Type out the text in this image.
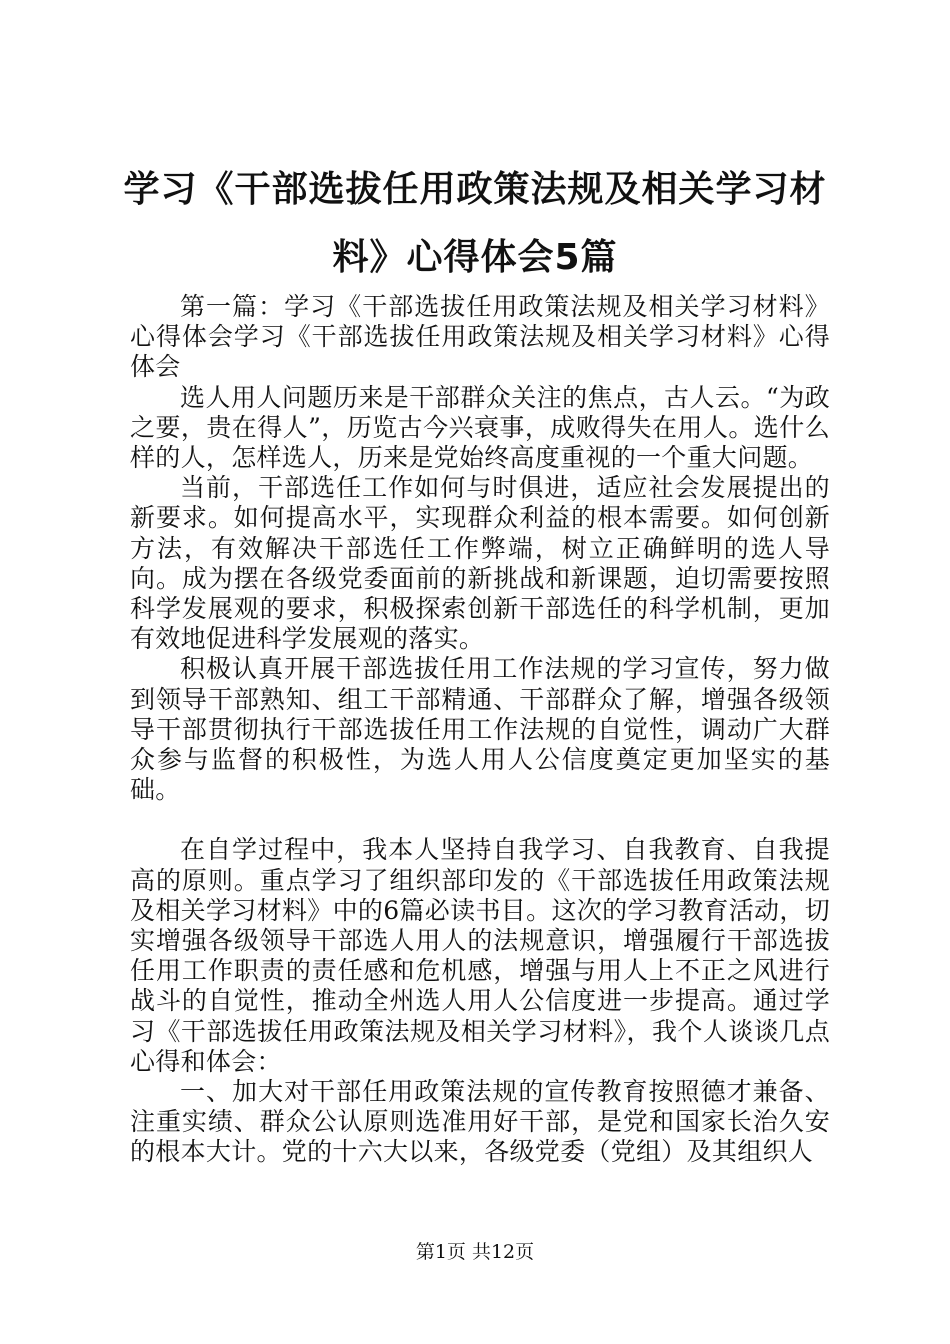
学习《干部选拔任用政策法规及相关学习材
料》心得体会5篇

第一篇：学习《干部选拔任用政策法规及相关学习材料》心得体会学习《干部选拔任用政策法规及相关学习材料》心得体会

选人用人问题历来是干部群众关注的焦点，古人云。“为政之要，贵在得人”，历览古今兴衰事，成败得失在用人。选什么样的人，怎样选人，历来是党始终高度重视的一个重大问题。

当前，干部选任工作如何与时俱进，适应社会发展提出的新要求。如何提高水平，实现群众利益的根本需要。如何创新方法，有效解决干部选任工作弊端，树立正确鲜明的选人导向。成为摆在各级党委面前的新挑战和新课题，迫切需要按照科学发展观的要求，积极探索创新干部选任的科学机制，更加有效地促进科学发展观的落实。

积极认真开展干部选拔任用工作法规的学习宣传，努力做到领导干部熟知、组工干部精通、干部群众了解，增强各级领导干部贯彻执行干部选拔任用工作法规的自觉性，调动广大群众参与监督的积极性，为选人用人公信度奠定更加坚实的基础。

在自学过程中，我本人坚持自我学习、自我教育、自我提高的原则。重点学习了组织部印发的《干部选拔任用政策法规及相关学习材料》中的6篇必读书目。这次的学习教育活动，切实增强各级领导干部选人用人的法规意识，增强履行干部选拔任用工作职责的责任感和危机感，增强与用人上不正之风进行战斗的自觉性，推动全州选人用人公信度进一步提高。通过学习《干部选拔任用政策法规及相关学习材料》，我个人谈谈几点心得和体会：

一、加大对干部任用政策法规的宣传教育按照德才兼备、注重实绩、群众公认原则选准用好干部，是党和国家长治久安的根本大计。党的十六大以来，各级党委（党组）及其组织人

第1页 共12页
